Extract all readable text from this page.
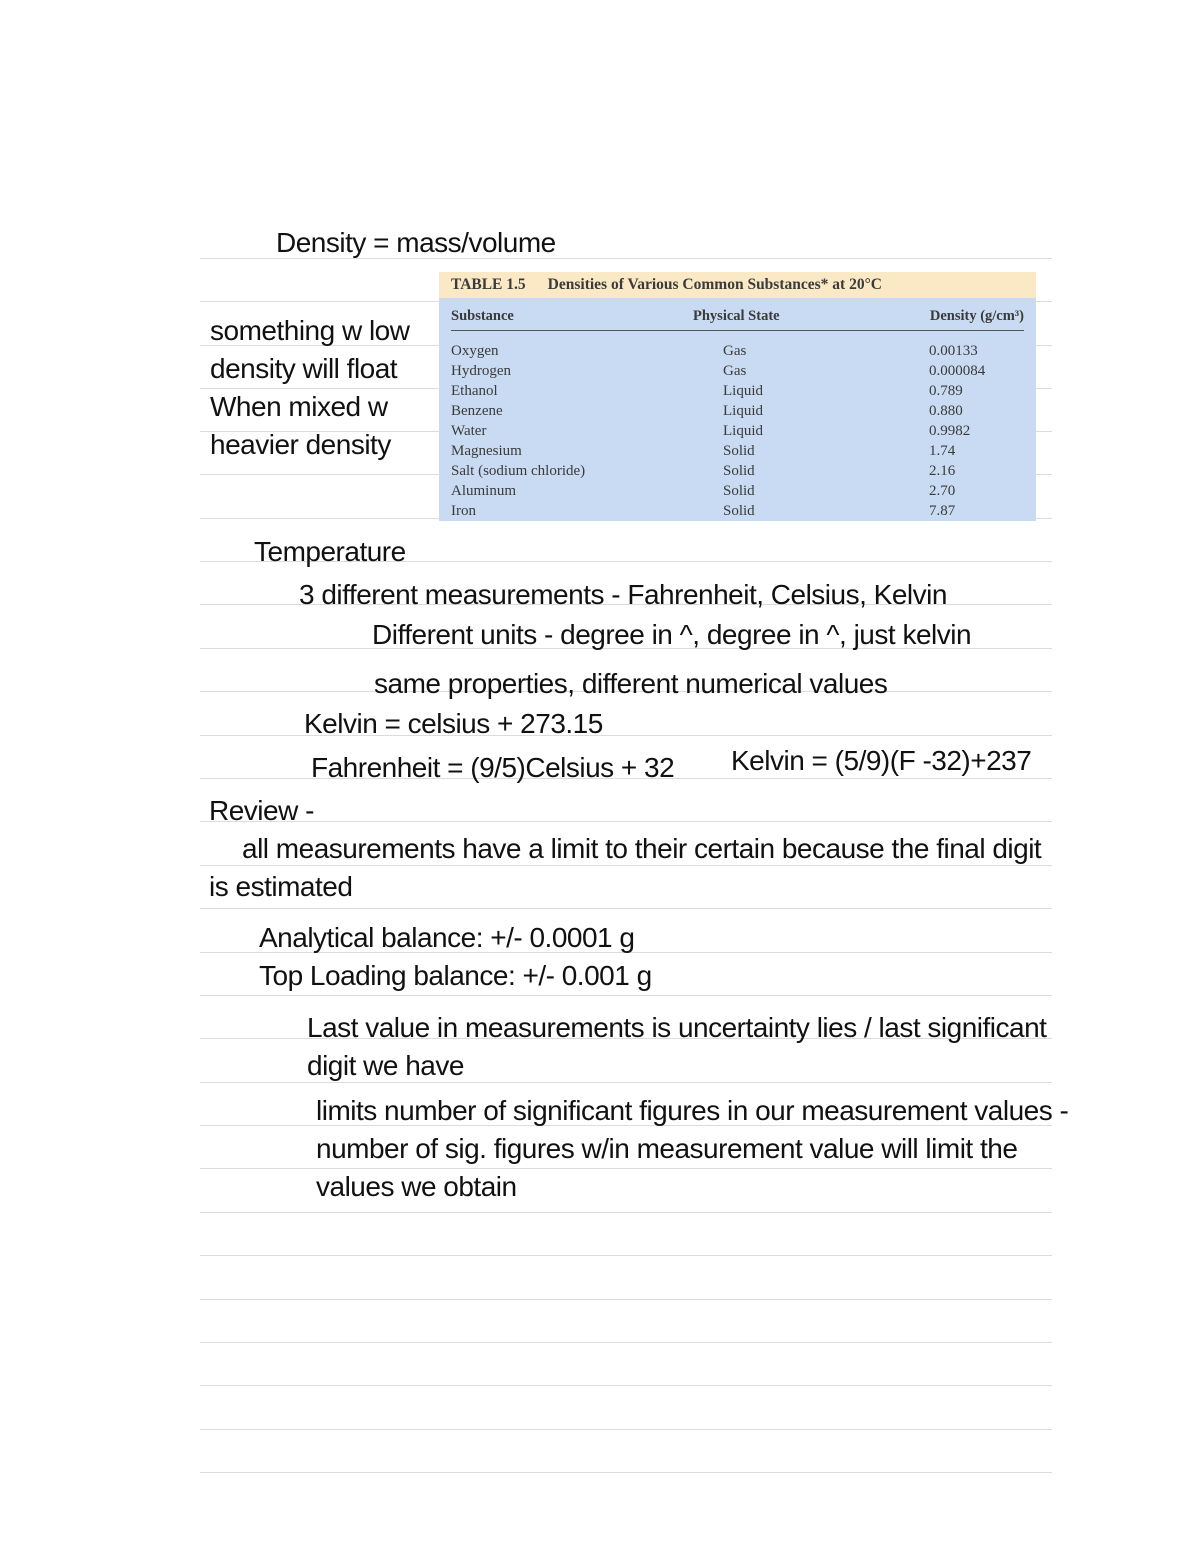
Density = mass/volume
something w low
density will float
When mixed w
heavier density
TABLE 1.5 Densities of Various Common Substances* at 20°C
Substance	Physical State	Density (g/cm³)
Oxygen	Gas	0.00133
Hydrogen	Gas	0.000084
Ethanol	Liquid	0.789
Benzene	Liquid	0.880
Water	Liquid	0.9982
Magnesium	Solid	1.74
Salt (sodium chloride)	Solid	2.16
Aluminum	Solid	2.70
Iron	Solid	7.87
Temperature
3 different measurements - Fahrenheit, Celsius, Kelvin
Different units - degree in ^, degree in ^, just kelvin
same properties, different numerical values
Kelvin = celsius + 273.15
Fahrenheit = (9/5)Celsius + 32 Kelvin = (5/9)(F -32)+237
Review -
all measurements have a limit to their certain because the final digit
is estimated
Analytical balance: +/- 0.0001 g
Top Loading balance: +/- 0.001 g
Last value in measurements is uncertainty lies / last significant
digit we have
limits number of significant figures in our measurement values -
number of sig. figures w/in measurement value will limit the
values we obtain
